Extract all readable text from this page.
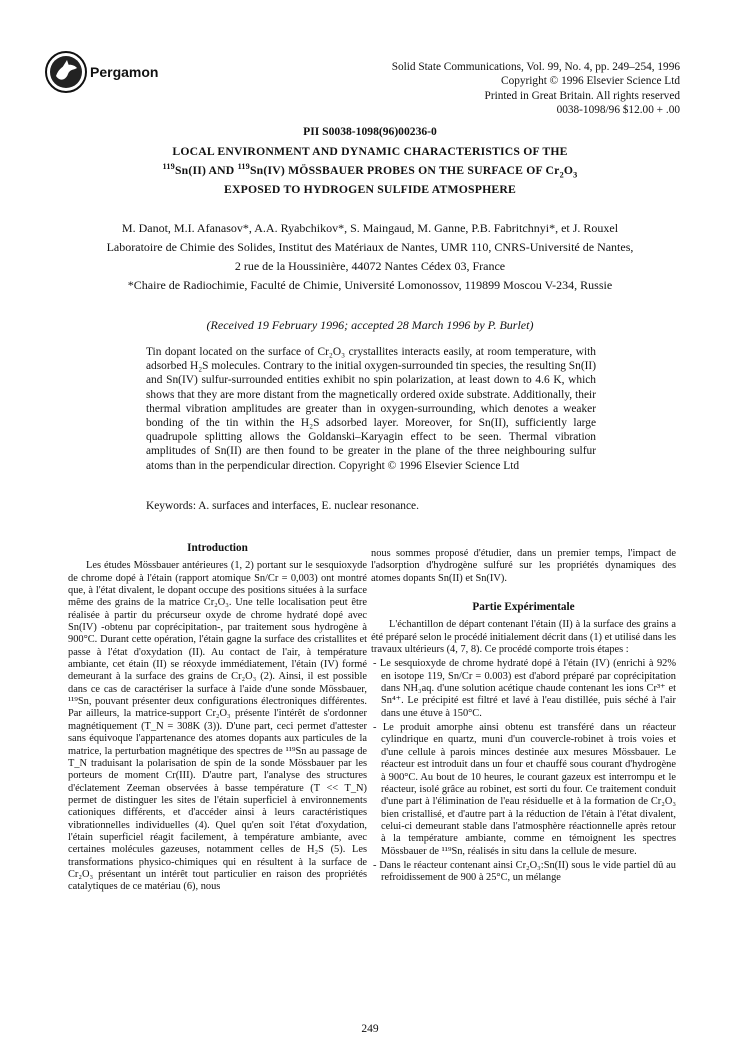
Pergamon	Solid State Communications, Vol. 99, No. 4, pp. 249–254, 1996
Copyright © 1996 Elsevier Science Ltd
Printed in Great Britain. All rights reserved
0038-1098/96 $12.00 + .00
PII S0038-1098(96)00236-0
LOCAL ENVIRONMENT AND DYNAMIC CHARACTERISTICS OF THE
$^{119}$Sn(II) AND $^{119}$Sn(IV) MÖSSBAUER PROBES ON THE SURFACE OF $Cr_2O_3$
EXPOSED TO HYDROGEN SULFIDE ATMOSPHERE
M. Danot, M.I. Afanasov*, A.A. Ryabchikov*, S. Maingaud, M. Ganne, P.B. Fabritchnyi*, et J. Rouxel
Laboratoire de Chimie des Solides, Institut des Matériaux de Nantes, UMR 110, CNRS-Université de Nantes,
2 rue de la Houssinière, 44072 Nantes Cédex 03, France
*Chaire de Radiochimie, Faculté de Chimie, Université Lomonossov, 119899 Moscou V-234, Russie
(Received 19 February 1996; accepted 28 March 1996 by P. Burlet)
Tin dopant located on the surface of Cr₂O₃ crystallites interacts easily, at room temperature, with adsorbed H₂S molecules. Contrary to the initial oxygen-surrounded tin species, the resulting Sn(II) and Sn(IV) sulfur-surrounded entities exhibit no spin polarization, at least down to 4.6 K, which shows that they are more distant from the magnetically ordered oxide substrate. Additionally, their thermal vibration amplitudes are greater than in oxygen-surrounding, which denotes a weaker bonding of the tin within the H₂S adsorbed layer. Moreover, for Sn(II), sufficiently large quadrupole splitting allows the Goldanski–Karyagin effect to be seen. Thermal vibration amplitudes of Sn(II) are then found to be greater in the plane of the three neighbouring sulfur atoms than in the perpendicular direction. Copyright © 1996 Elsevier Science Ltd
Keywords: A. surfaces and interfaces, E. nuclear resonance.
Introduction

Les études Mössbauer antérieures (1, 2) portant sur le sesquioxyde de chrome dopé à l'étain (rapport atomique Sn/Cr = 0,003) ont montré que, à l'état divalent, le dopant occupe des positions situées à la surface même des grains de la matrice Cr₂O₃. Une telle localisation peut être réalisée à partir du précurseur oxyde de chrome hydraté dopé avec Sn(IV) -obtenu par coprécipitation-, par traitement sous hydrogène à 900°C. Durant cette opération, l'étain gagne la surface des cristallites et passe à l'état d'oxydation (II). Au contact de l'air, à température ambiante, cet étain (II) se réoxyde immédiatement, l'étain (IV) formé demeurant à la surface des grains de Cr₂O₃ (2). Ainsi, il est possible dans ce cas de caractériser la surface à l'aide d'une sonde Mössbauer, ¹¹⁹Sn, pouvant présenter deux configurations électroniques différentes. Par ailleurs, la matrice-support Cr₂O₃ présente l'intérêt de s'ordonner magnétiquement (T_N = 308K (3)). D'une part, ceci permet d'attester sans équivoque l'appartenance des atomes dopants aux particules de la matrice, la perturbation magnétique des spectres de ¹¹⁹Sn au passage de T_N traduisant la polarisation de spin de la sonde Mössbauer par les porteurs de moment Cr(III). D'autre part, l'analyse des structures d'éclatement Zeeman observées à basse température (T << T_N) permet de distinguer les sites de l'étain superficiel à environnements cationiques différents, et d'accéder ainsi à leurs caractéristiques vibrationnelles individuelles (4). Quel qu'en soit l'état d'oxydation, l'étain superficiel réagit facilement, à température ambiante, avec certaines molécules gazeuses, notamment celles de H₂S (5). Les transformations physico-chimiques qui en résultent à la surface de Cr₂O₃ présentant un intérêt tout particulier en raison des propriétés catalytiques de ce matériau (6), nous

nous sommes proposé d'étudier, dans un premier temps, l'impact de l'adsorption d'hydrogène sulfuré sur les propriétés dynamiques des atomes dopants Sn(II) et Sn(IV).

Partie Expérimentale

L'échantillon de départ contenant l'étain (II) à la surface des grains a été préparé selon le procédé initialement décrit dans (1) et utilisé dans les travaux ultérieurs (4, 7, 8). Ce procédé comporte trois étapes :

- Le sesquioxyde de chrome hydraté dopé à l'étain (IV) (enrichi à 92% en isotope 119, Sn/Cr = 0.003) est d'abord préparé par coprécipitation dans NH₃aq. d'une solution acétique chaude contenant les ions Cr³⁺ et Sn⁴⁺. Le précipité est filtré et lavé à l'eau distillée, puis séché à l'air dans une étuve à 150°C.
- Le produit amorphe ainsi obtenu est transféré dans un réacteur cylindrique en quartz, muni d'un couvercle-robinet à trois voies et d'une cellule à parois minces destinée aux mesures Mössbauer. Le réacteur est introduit dans un four et chauffé sous courant d'hydrogène à 900°C. Au bout de 10 heures, le courant gazeux est interrompu et le réacteur, isolé grâce au robinet, est sorti du four. Ce traitement conduit d'une part à l'élimination de l'eau résiduelle et à la formation de Cr₂O₃ bien cristallisé, et d'autre part à la réduction de l'étain à l'état divalent, celui-ci demeurant stable dans l'atmosphère réactionnelle après retour à la température ambiante, comme en témoignent les spectres Mössbauer de ¹¹⁹Sn, réalisés in situ dans la cellule de mesure.
- Dans le réacteur contenant ainsi Cr₂O₃:Sn(II) sous le vide partiel dû au refroidissement de 900 à 25°C, un mélange
249
